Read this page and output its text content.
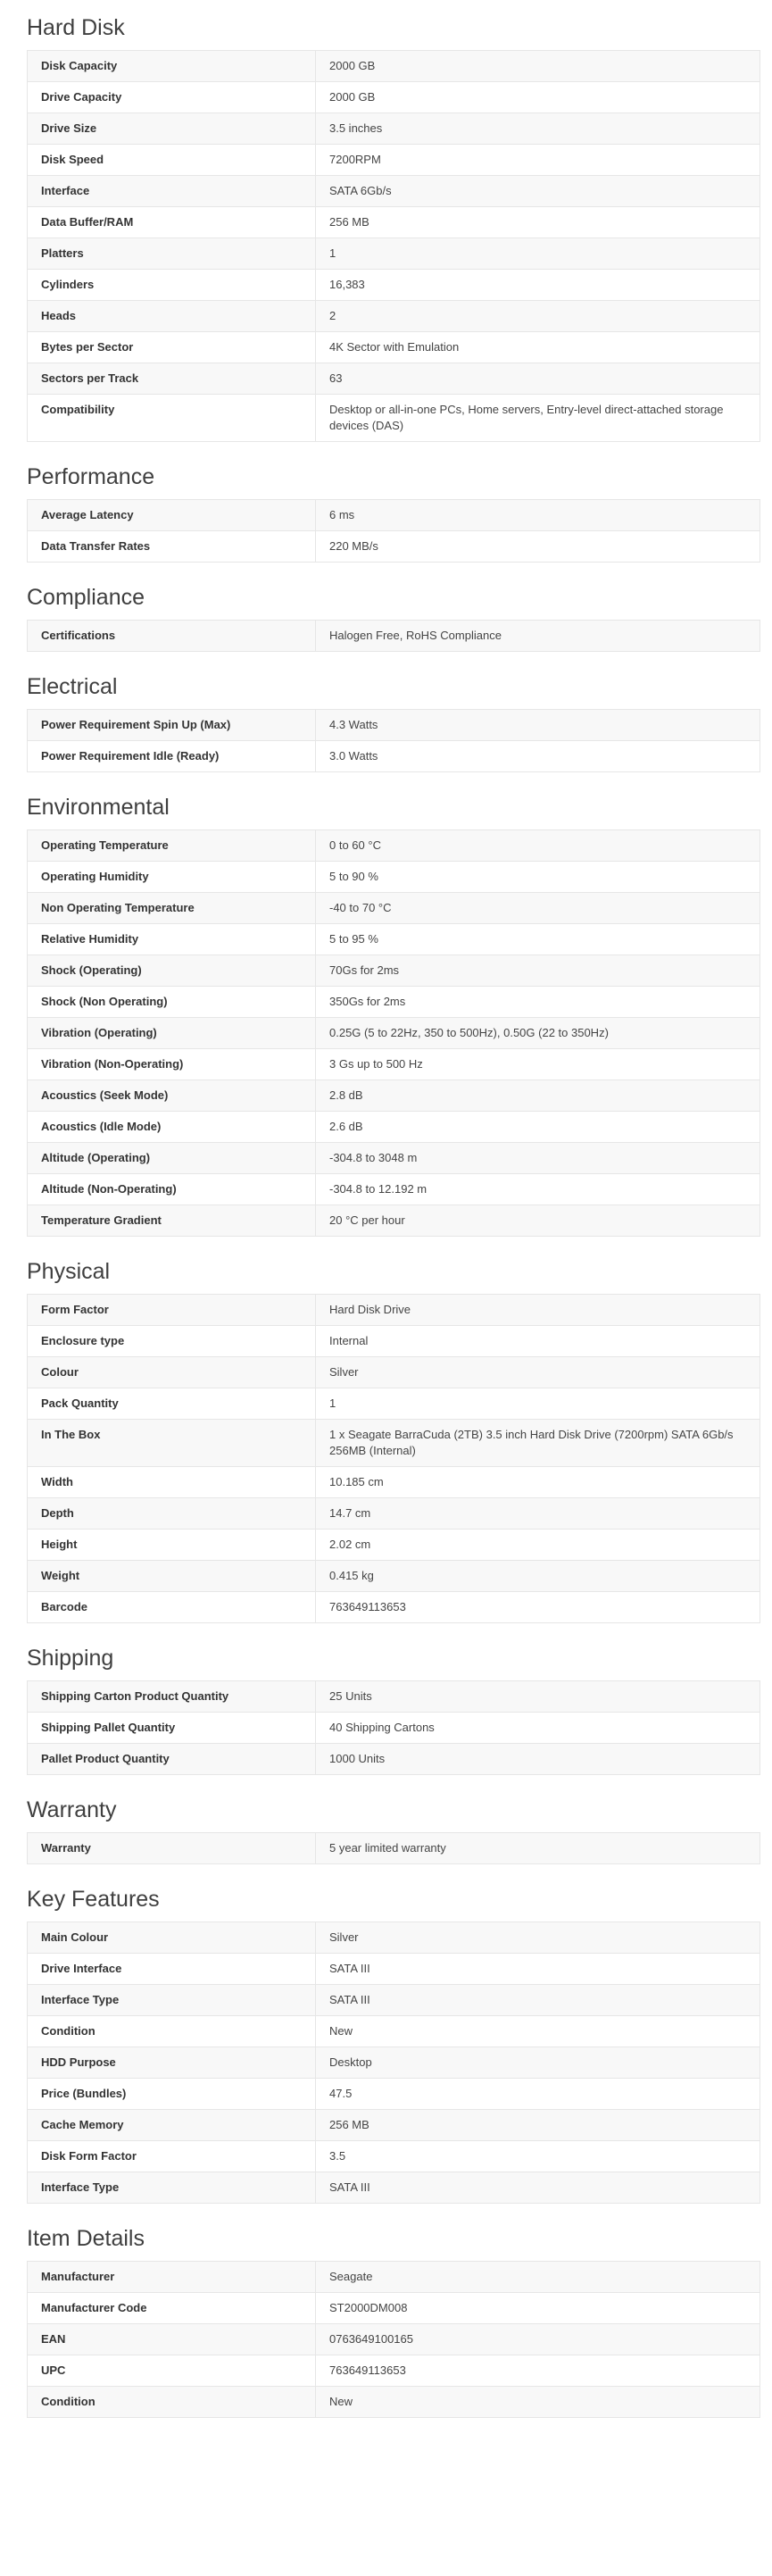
Hard Disk
Disk Capacity	2000 GB
Drive Capacity	2000 GB
Drive Size	3.5 inches
Disk Speed	7200RPM
Interface	SATA 6Gb/s
Data Buffer/RAM	256 MB
Platters	1
Cylinders	16,383
Heads	2
Bytes per Sector	4K Sector with Emulation
Sectors per Track	63
Compatibility	Desktop or all-in-one PCs, Home servers, Entry-level direct-attached storage devices (DAS)
Performance
Average Latency	6 ms
Data Transfer Rates	220 MB/s
Compliance
Certifications	Halogen Free, RoHS Compliance
Electrical
Power Requirement Spin Up (Max)	4.3 Watts
Power Requirement Idle (Ready)	3.0 Watts
Environmental
Operating Temperature	0 to 60 °C
Operating Humidity	5 to 90 %
Non Operating Temperature	-40 to 70 °C
Relative Humidity	5 to 95 %
Shock (Operating)	70Gs for 2ms
Shock (Non Operating)	350Gs for 2ms
Vibration (Operating)	0.25G (5 to 22Hz, 350 to 500Hz), 0.50G (22 to 350Hz)
Vibration (Non-Operating)	3 Gs up to 500 Hz
Acoustics (Seek Mode)	2.8 dB
Acoustics (Idle Mode)	2.6 dB
Altitude (Operating)	-304.8 to 3048 m
Altitude (Non-Operating)	-304.8 to 12.192 m
Temperature Gradient	20 °C per hour
Physical
Form Factor	Hard Disk Drive
Enclosure type	Internal
Colour	Silver
Pack Quantity	1
In The Box	1 x Seagate BarraCuda (2TB) 3.5 inch Hard Disk Drive (7200rpm) SATA 6Gb/s 256MB (Internal)
Width	10.185 cm
Depth	14.7 cm
Height	2.02 cm
Weight	0.415 kg
Barcode	763649113653
Shipping
Shipping Carton Product Quantity	25 Units
Shipping Pallet Quantity	40 Shipping Cartons
Pallet Product Quantity	1000 Units
Warranty
Warranty	5 year limited warranty
Key Features
Main Colour	Silver
Drive Interface	SATA III
Interface Type	SATA III
Condition	New
HDD Purpose	Desktop
Price (Bundles)	47.5
Cache Memory	256 MB
Disk Form Factor	3.5
Interface Type	SATA III
Item Details
Manufacturer	Seagate
Manufacturer Code	ST2000DM008
EAN	0763649100165
UPC	763649113653
Condition	New
